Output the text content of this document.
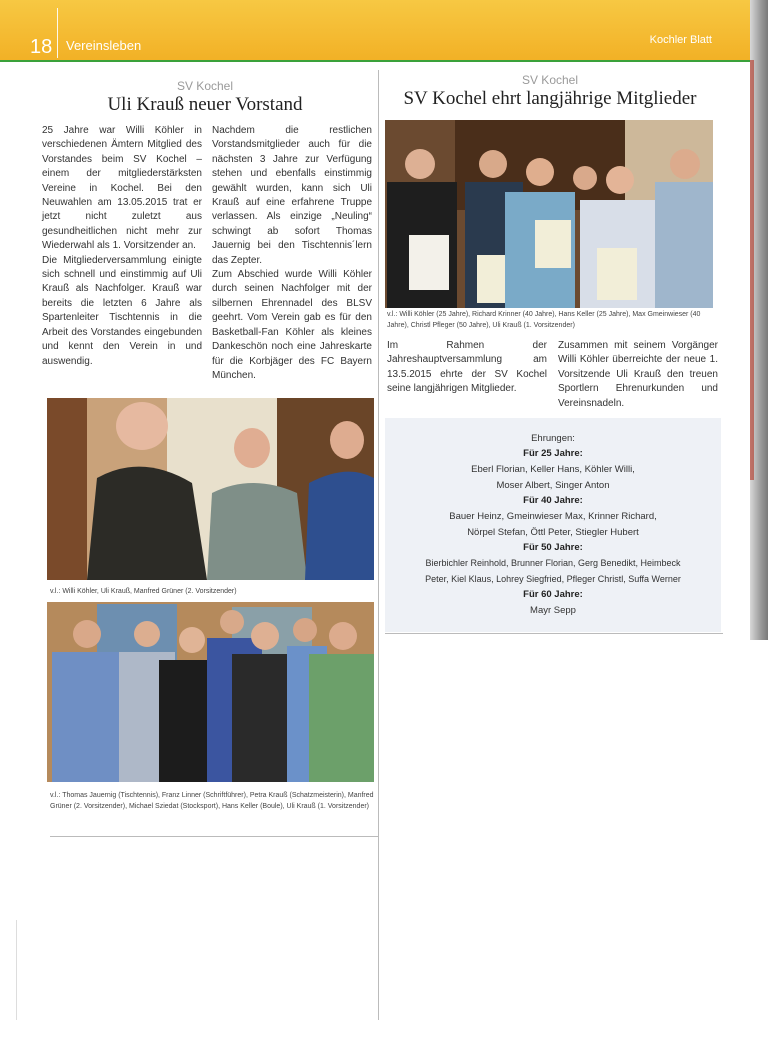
18 Vereinsleben	Kochler Blatt
SV Kochel
Uli Krauß neuer Vorstand

25 Jahre war Willi Köhler in verschiedenen Ämtern Mitglied des Vorstandes beim SV Kochel – einem der mitgliederstärksten Vereine in Kochel. Bei den Neuwahlen am 13.05.2015 trat er jetzt nicht zuletzt aus gesundheitlichen nicht mehr zur Wiederwahl als 1. Vorsitzender an.

Die Mitgliederversammlung einigte sich schnell und einstimmig auf Uli Krauß als Nachfolger. Krauß war bereits die letzten 6 Jahre als Spartenleiter Tischtennis in die Arbeit des Vorstandes eingebunden und kennt den Verein in und auswendig.

Nachdem die restlichen Vorstandsmitglieder auch für die nächsten 3 Jahre zur Verfügung stehen und ebenfalls einstimmig gewählt wurden, kann sich Uli Krauß auf eine erfahrene Truppe verlassen. Als einzige „Neuling“ schwingt ab sofort Thomas Jauernig bei den Tischtennis´lern das Zepter.

Zum Abschied wurde Willi Köhler durch seinen Nachfolger mit der silbernen Ehrennadel des BLSV geehrt. Vom Verein gab es für den Basketball-Fan Köhler als kleines Dankeschön noch eine Jahreskarte für die Korbjäger des FC Bayern München.

v.l.: Willi Köhler, Uli Krauß, Manfred Grüner (2. Vorsitzender)
v.l.: Thomas Jauernig (Tischtennis), Franz Linner (Schriftführer), Petra Krauß (Schatzmeisterin), Manfred Grüner (2. Vorsitzender), Michael Sziedat (Stocksport), Hans Keller (Boule), Uli Krauß (1. Vorsitzender)
SV Kochel
SV Kochel ehrt langjährige Mitglieder
v.l.: Willi Köhler (25 Jahre), Richard Krinner (40 Jahre), Hans Keller (25 Jahre), Max Gmeinwieser (40 Jahre), Christl Pfleger (50 Jahre), Uli Krauß (1. Vorsitzender)
Im Rahmen der Jahreshauptversammlung am 13.5.2015 ehrte der SV Kochel seine langjährigen Mitglieder.
Zusammen mit seinem Vorgänger Willi Köhler überreichte der neue 1. Vorsitzende Uli Krauß den treuen Sportlern Ehrenurkunden und Vereinsnadeln.
Ehrungen:
Für 25 Jahre:
Eberl Florian, Keller Hans, Köhler Willi,
Moser Albert, Singer Anton
Für 40 Jahre:
Bauer Heinz, Gmeinwieser Max, Krinner Richard,
Nörpel Stefan, Öttl Peter, Stiegler Hubert
Für 50 Jahre:
Bierbichler Reinhold, Brunner Florian, Gerg Benedikt, Heimbeck
Peter, Kiel Klaus, Lohrey Siegfried, Pfleger Christl, Suffa Werner
Für 60 Jahre:
Mayr Sepp
